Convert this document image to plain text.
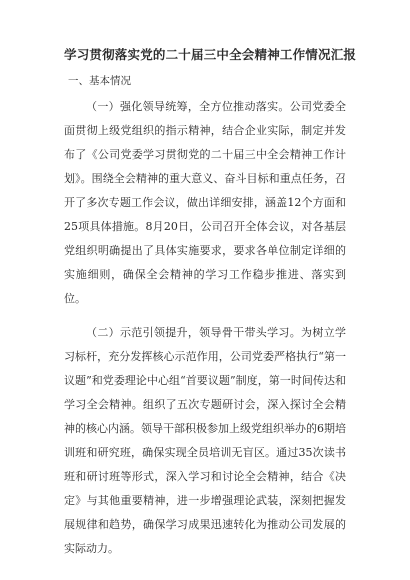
学习贯彻落实党的二十届三中全会精神工作情况汇报
一、基本情况

（一）强化领导统筹，全方位推动落实。公司党委全面贯彻上级党组织的指示精神，结合企业实际，制定并发布了《公司党委学习贯彻党的二十届三中全会精神工作计划》。围绕全会精神的重大意义、奋斗目标和重点任务，召开了多次专题工作会议，做出详细安排，涵盖12个方面和25项具体措施。8月20日，公司召开全体会议，对各基层党组织明确提出了具体实施要求，要求各单位制定详细的实施细则，确保全会精神的学习工作稳步推进、落实到位。

（二）示范引领提升，领导骨干带头学习。为树立学习标杆，充分发挥核心示范作用，公司党委严格执行“第一议题”和党委理论中心组“首要议题”制度，第一时间传达和学习全会精神。组织了五次专题研讨会，深入探讨全会精神的核心内涵。领导干部积极参加上级党组织举办的6期培训班和研究班，确保实现全员培训无盲区。通过35次读书班和研讨班等形式，深入学习和讨论全会精神，结合《决定》与其他重要精神，进一步增强理论武装，深刻把握发展规律和趋势，确保学习成果迅速转化为推动公司发展的实际动力。
